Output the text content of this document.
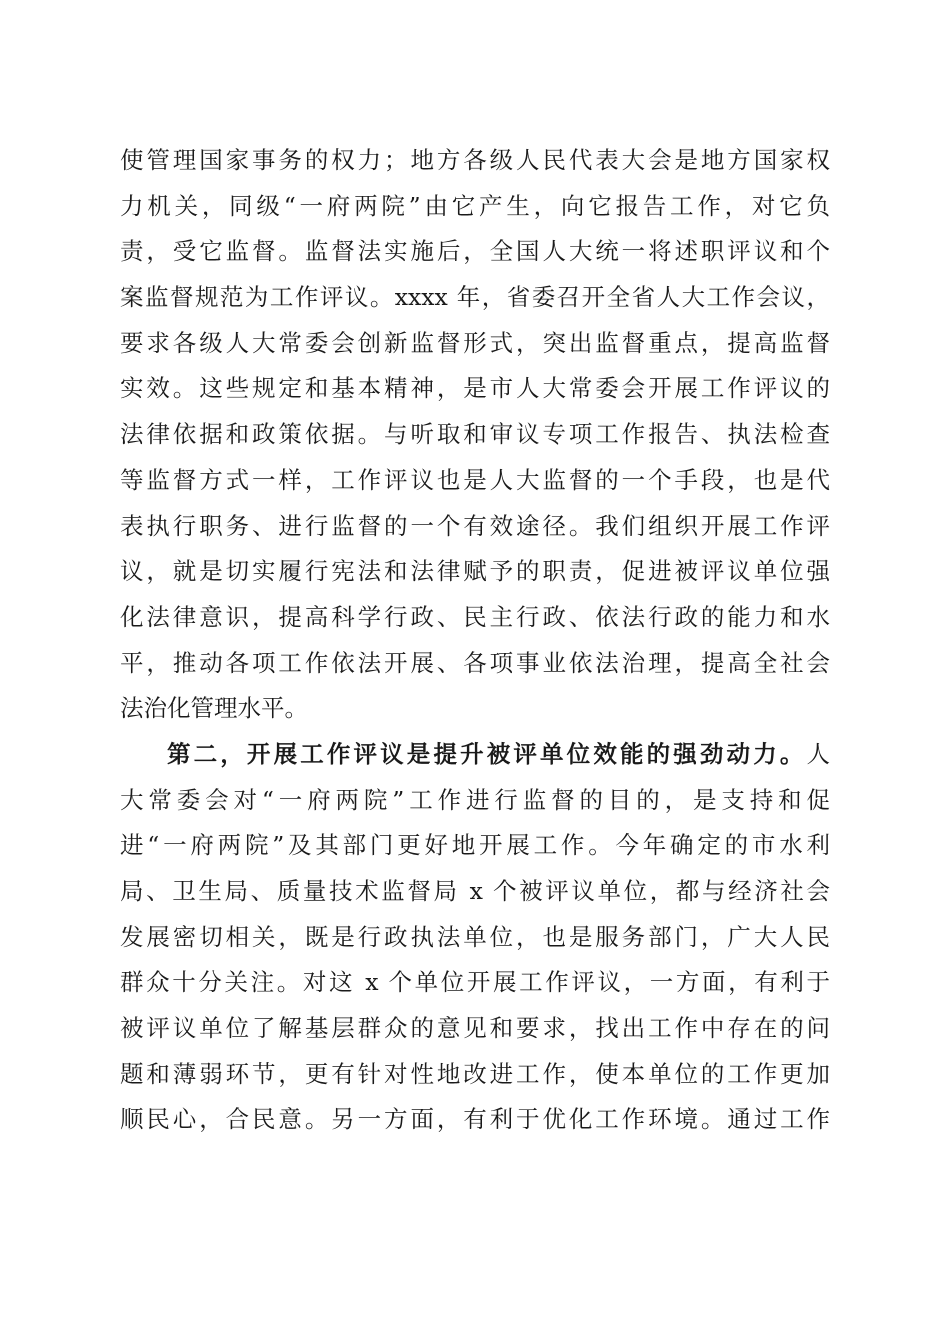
使管理国家事务的权力；地方各级人民代表大会是地方国家权
力机关，同级“一府两院”由它产生，向它报告工作，对它负
责，受它监督。监督法实施后，全国人大统一将述职评议和个
案监督规范为工作评议。xxxx 年，省委召开全省人大工作会议，
要求各级人大常委会创新监督形式，突出监督重点，提高监督
实效。这些规定和基本精神，是市人大常委会开展工作评议的
法律依据和政策依据。与听取和审议专项工作报告、执法检查
等监督方式一样，工作评议也是人大监督的一个手段，也是代
表执行职务、进行监督的一个有效途径。我们组织开展工作评
议，就是切实履行宪法和法律赋予的职责，促进被评议单位强
化法律意识，提高科学行政、民主行政、依法行政的能力和水
平，推动各项工作依法开展、各项事业依法治理，提高全社会
法治化管理水平。
第二，开展工作评议是提升被评单位效能的强劲动力。人
大常委会对“一府两院”工作进行监督的目的，是支持和促
进“一府两院”及其部门更好地开展工作。今年确定的市水利
局、卫生局、质量技术监督局 x 个被评议单位，都与经济社会
发展密切相关，既是行政执法单位，也是服务部门，广大人民
群众十分关注。对这 x 个单位开展工作评议，一方面，有利于
被评议单位了解基层群众的意见和要求，找出工作中存在的问
题和薄弱环节，更有针对性地改进工作，使本单位的工作更加
顺民心，合民意。另一方面，有利于优化工作环境。通过工作
